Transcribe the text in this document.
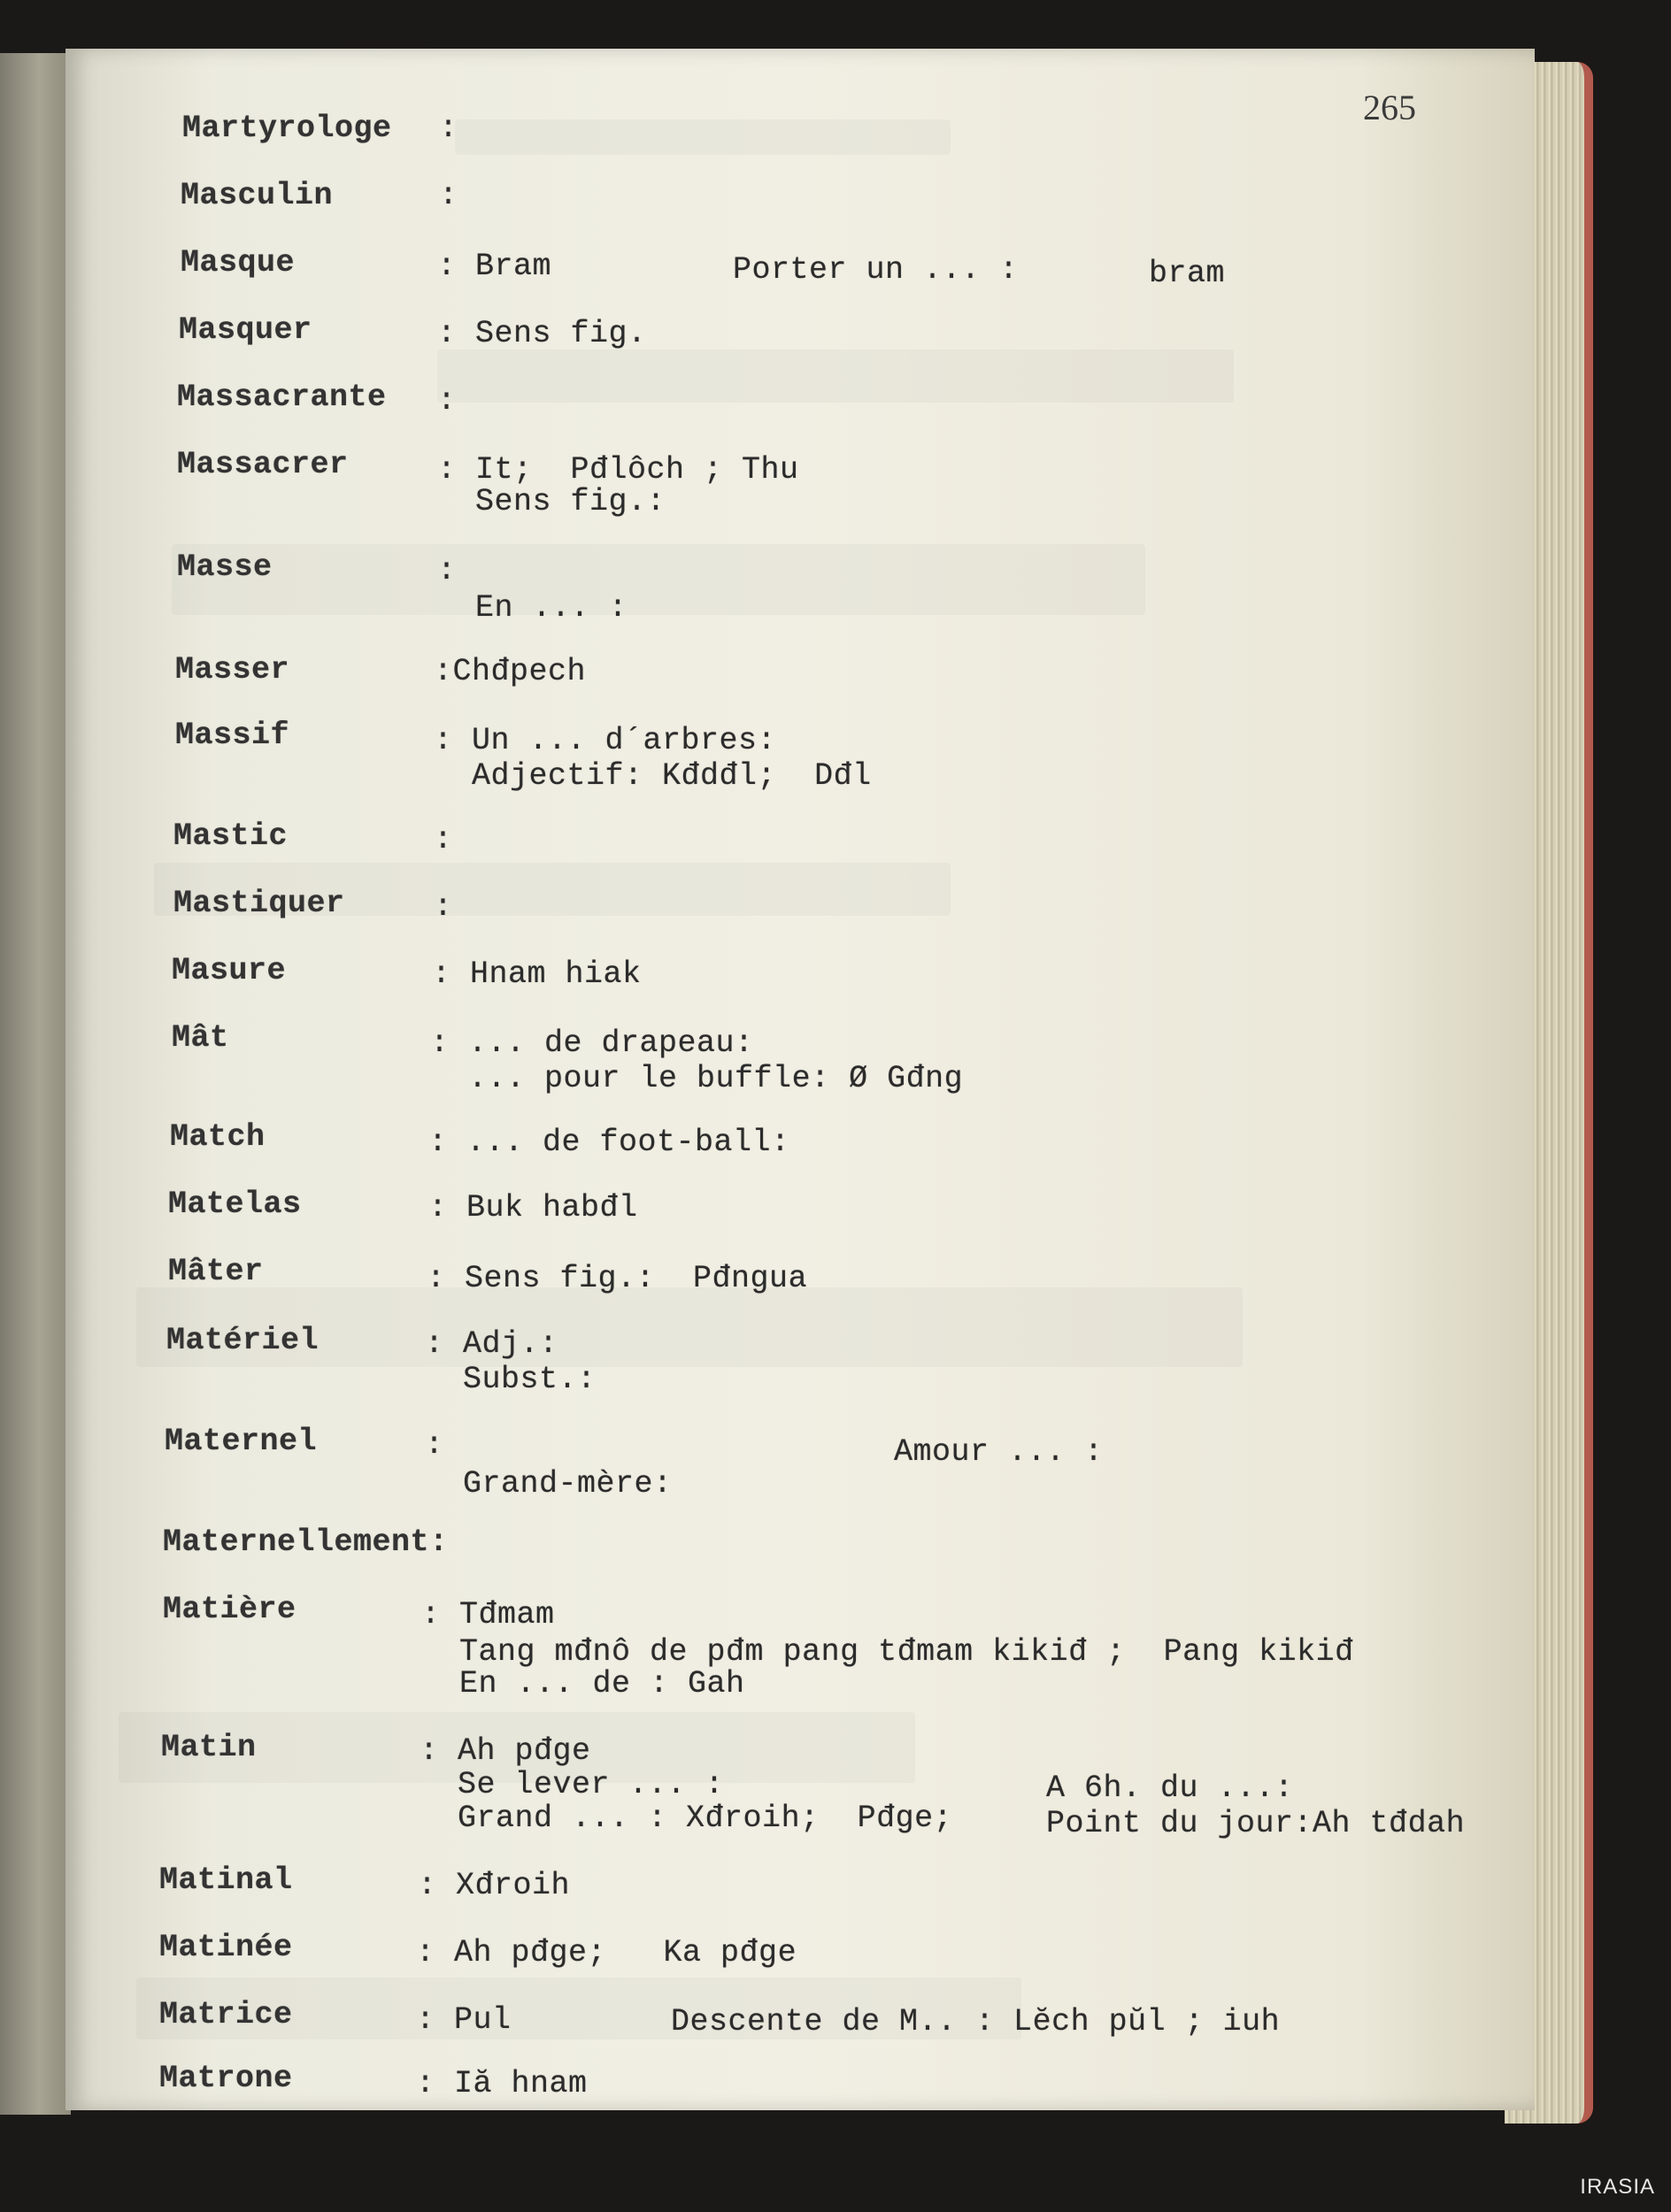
265
Martyrologe :
Masculin	:
Masque	: Bram	Porter un ... :	bram
Masquer	: Sens fig.
Massacrante :
Massacrer	: It;  Pđlôch ; Thu
Sens fig.:
Masse	:
En ... :
Masser	:Chđpech
Massif	: Un ... d´arbres:
Adjectif: Kđdđl;  Dđl
Mastic	:
Mastiquer	:
Masure	: Hnam hiak
Mât	: ... de drapeau:
... pour le buffle: Ø Gđng
Match	: ... de foot-ball:
Matelas	: Buk habđl
Mâter	: Sens fig.:  Pđngua
Matériel	: Adj.:
Subst.:
Maternel	:
Grand-mère:
Amour ... :
Maternellement:
Matière	: Tđmam
Tang mđnô de pđm pang tđmam kikiđ ;  Pang kikiđ
En ... de : Gah
Matin	: Ah pđge
Se lever ... :
Grand ... : Xđroih;  Pđge;
A 6h. du ...:
Point du jour:Ah tđdah
Matinal	: Xđroih
Matinée	: Ah pđge;   Ka pđge
Matrice	: Pul	Descente de M.. : Lĕch pŭl ; iuh
Matrone	: Iă hnam
IRASIA
